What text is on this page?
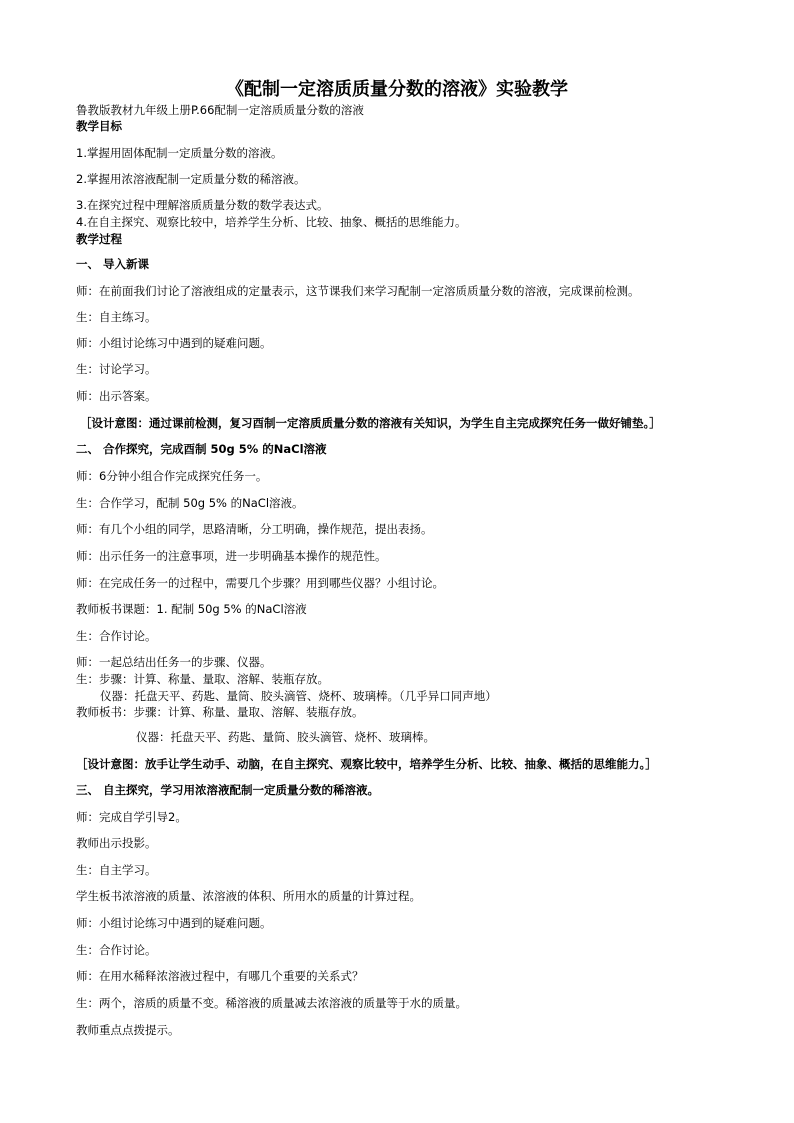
《配制一定溶质质量分数的溶液》实验教学
鲁教版教材九年级上册P.66配制一定溶质质量分数的溶液
教学目标
1.掌握用固体配制一定质量分数的溶液。
2.掌握用浓溶液配制一定质量分数的稀溶液。
3.在探究过程中理解溶质质量分数的数学表达式。
4.在自主探究、观察比较中，培养学生分析、比较、抽象、概括的思维能力。
教学过程
一、 导入新课
师：在前面我们讨论了溶液组成的定量表示，这节课我们来学习配制一定溶质质量分数的溶液，完成课前检测。
生：自主练习。
师：小组讨论练习中遇到的疑难问题。
生：讨论学习。
师：出示答案。
［设计意图：通过课前检测，复习酉制一定溶质质量分数的溶液有关知识，为学生自主完成探究任务一做好铺垫。］
二、 合作探究，完成酉制 50g 5% 的NaCl溶液
师：6分钟小组合作完成探究任务一。
生：合作学习，配制 50g 5% 的NaCl溶液。
师：有几个小组的同学，思路清晰，分工明确，操作规范，提出表扬。
师：出示任务一的注意事项，进一步明确基本操作的规范性。
师：在完成任务一的过程中，需要几个步骤？用到哪些仪器？小组讨论。
教师板书课题：1. 配制 50g 5% 的NaCl溶液
生：合作讨论。
师：一起总结出任务一的步骤、仪器。
生：步骤：计算、称量、量取、溶解、装瓶存放。
仪器：托盘天平、药匙、量筒、胶头滴管、烧杯、玻璃棒。（几乎异口同声地）
教师板书：步骤：计算、称量、量取、溶解、装瓶存放。
仪器：托盘天平、药匙、量筒、胶头滴管、烧杯、玻璃棒。
［设计意图：放手让学生动手、动脑，在自主探究、观察比较中，培养学生分析、比较、抽象、概括的思维能力。］
三、 自主探究，学习用浓溶液配制一定质量分数的稀溶液。
师：完成自学引导2。
教师出示投影。
生：自主学习。
学生板书浓溶液的质量、浓溶液的体积、所用水的质量的计算过程。
师：小组讨论练习中遇到的疑难问题。
生：合作讨论。
师：在用水稀释浓溶液过程中，有哪几个重要的关系式？
生：两个，溶质的质量不变。稀溶液的质量减去浓溶液的质量等于水的质量。
教师重点点拨提示。
